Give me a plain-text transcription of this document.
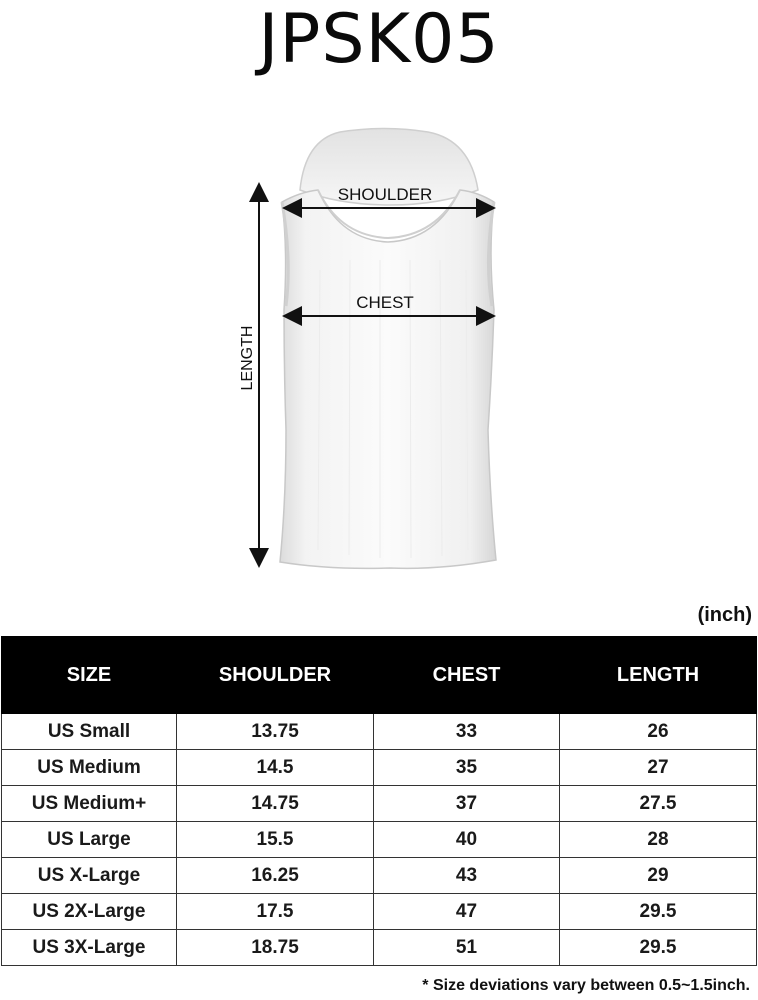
JPSK05
SHOULDER
CHEST
LENGTH
(inch)
SIZE	SHOULDER	CHEST	LENGTH
US Small	13.75	33	26
US Medium	14.5	35	27
US Medium+	14.75	37	27.5
US Large	15.5	40	28
US X-Large	16.25	43	29
US 2X-Large	17.5	47	29.5
US 3X-Large	18.75	51	29.5
* Size deviations vary between 0.5~1.5inch.
